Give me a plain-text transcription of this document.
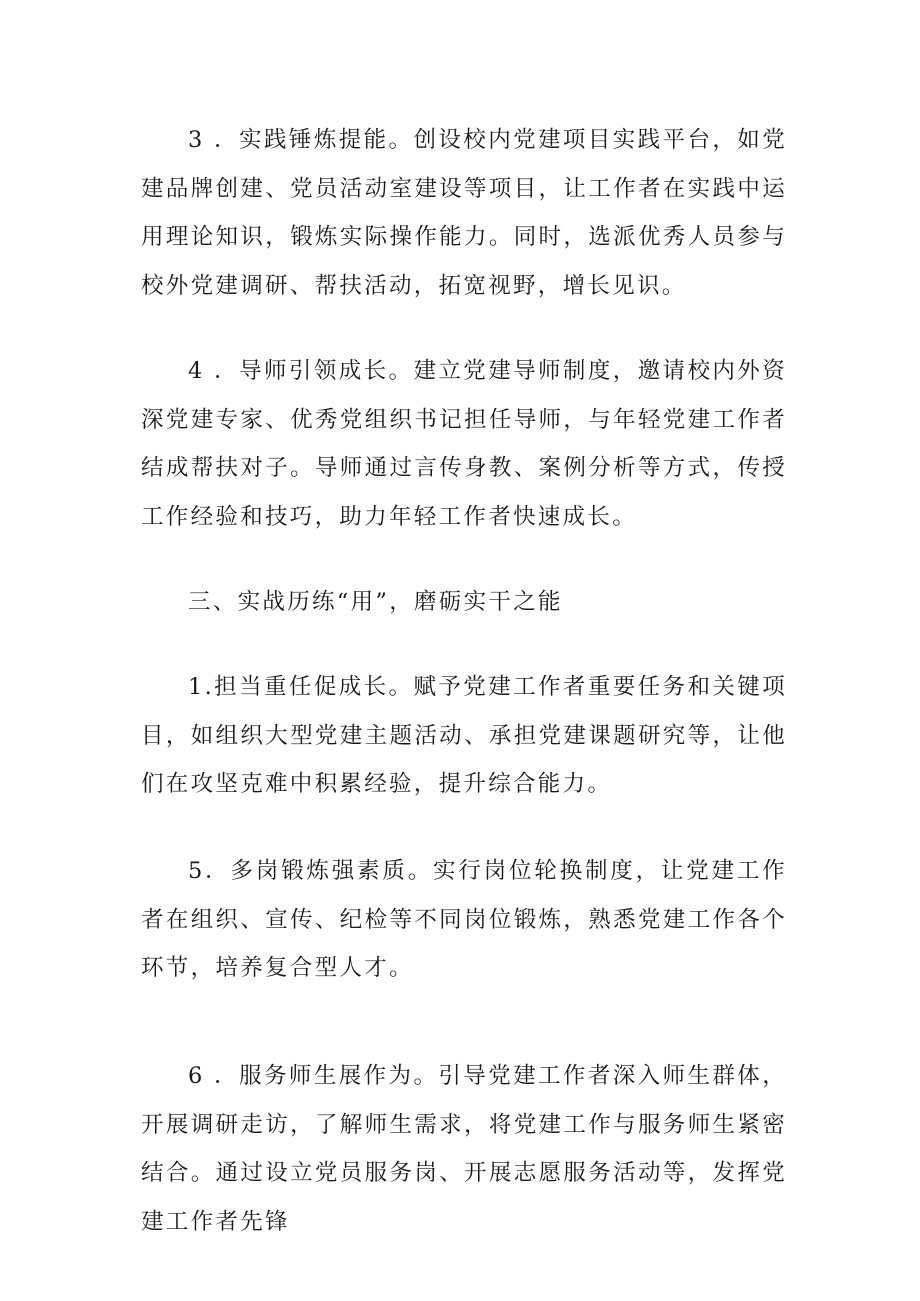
3 ．实践锤炼提能。创设校内党建项目实践平台，如党建品牌创建、党员活动室建设等项目，让工作者在实践中运用理论知识，锻炼实际操作能力。同时，选派优秀人员参与校外党建调研、帮扶活动，拓宽视野，增长见识。

4 ．导师引领成长。建立党建导师制度，邀请校内外资深党建专家、优秀党组织书记担任导师，与年轻党建工作者结成帮扶对子。导师通过言传身教、案例分析等方式，传授工作经验和技巧，助力年轻工作者快速成长。

三、实战历练“用”，磨砺实干之能

1.担当重任促成长。赋予党建工作者重要任务和关键项目，如组织大型党建主题活动、承担党建课题研究等，让他们在攻坚克难中积累经验，提升综合能力。

5．多岗锻炼强素质。实行岗位轮换制度，让党建工作者在组织、宣传、纪检等不同岗位锻炼，熟悉党建工作各个环节，培养复合型人才。

6 ．服务师生展作为。引导党建工作者深入师生群体，开展调研走访，了解师生需求，将党建工作与服务师生紧密结合。通过设立党员服务岗、开展志愿服务活动等，发挥党建工作者先锋
